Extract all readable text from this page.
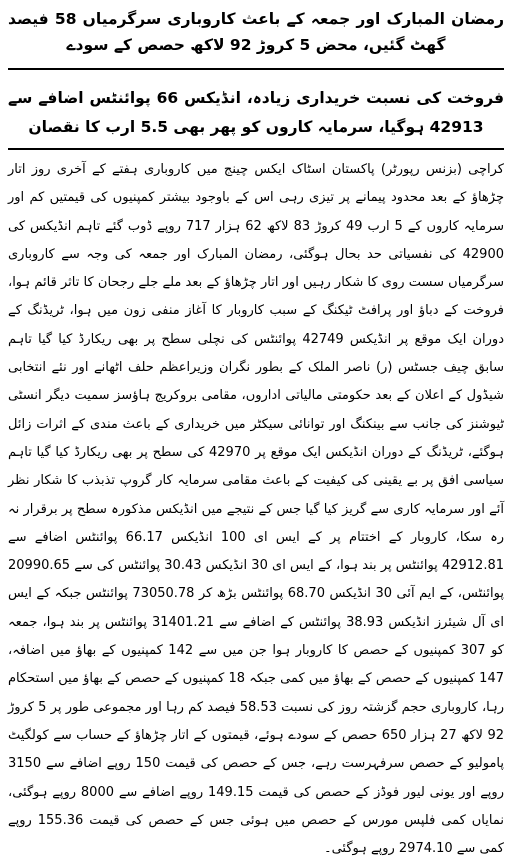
رمضان المبارک اور جمعہ کے باعث کاروباری سرگرمیاں 58 فیصد گھٹ گئیں، محض 5 کروڑ 92 لاکھ حصص کے سودے
فروخت کی نسبت خریداری زیادہ، انڈیکس 66 پوائنٹس اضافے سے 42913 ہوگیا، سرمایہ کاروں کو پھر بھی 5.5 ارب کا نقصان

کراچی (بزنس رپورٹر) پاکستان اسٹاک ایکس چینج میں کاروباری ہفتے کے آخری روز اتار چڑھاؤ کے بعد محدود پیمانے پر تیزی رہی اس کے باوجود بیشتر کمپنیوں کی قیمتیں کم اور سرمایہ کاروں کے 5 ارب 49 کروڑ 83 لاکھ 62 ہزار 717 روپے ڈوب گئے تاہم انڈیکس کی 42900 کی نفسیاتی حد بحال ہوگئی، رمضان المبارک اور جمعہ کی وجہ سے کاروباری سرگرمیاں سست روی کا شکار رہیں اور اتار چڑھاؤ کے بعد ملے جلے رجحان کا تاثر قائم ہوا، فروخت کے دباؤ اور پرافٹ ٹیکنگ کے سبب کاروبار کا آغاز منفی زون میں ہوا، ٹریڈنگ کے دوران ایک موقع پر انڈیکس 42749 پوائنٹس کی نچلی سطح پر بھی ریکارڈ کیا گیا تاہم سابق چیف جسٹس (ر) ناصر الملک کے بطور نگران وزیراعظم حلف اٹھانے اور نئے انتخابی شیڈول کے اعلان کے بعد حکومتی مالیاتی اداروں، مقامی بروکریج ہاؤسز سمیت دیگر انسٹی ٹیوشنز کی جانب سے بینکنگ اور توانائی سیکٹر میں خریداری کے باعث مندی کے اثرات زائل ہوگئے، ٹریڈنگ کے دوران انڈیکس ایک موقع پر 42970 کی سطح پر بھی ریکارڈ کیا گیا تاہم سیاسی افق پر بے یقینی کی کیفیت کے باعث مقامی سرمایہ کار گروپ تذبذب کا شکار نظر آئے اور سرمایہ کاری سے گریز کیا گیا جس کے نتیجے میں انڈیکس مذکورہ سطح پر برقرار نہ رہ سکا، کاروبار کے اختتام پر کے ایس ای 100 انڈیکس 66.17 پوائنٹس اضافے سے 42912.81 پوائنٹس پر بند ہوا، کے ایس ای 30 انڈیکس 30.43 پوائنٹس کی سے 20990.65 پوائنٹس، کے ایم آئی 30 انڈیکس 68.70 پوائنٹس بڑھ کر 73050.78 پوائنٹس جبکہ کے ایس ای آل شیئرز انڈیکس 38.93 پوائنٹس کے اضافے سے 31401.21 پوائنٹس پر بند ہوا، جمعہ کو 307 کمپنیوں کے حصص کا کاروبار ہوا جن میں سے 142 کمپنیوں کے بھاؤ میں اضافہ، 147 کمپنیوں کے حصص کے بھاؤ میں کمی جبکہ 18 کمپنیوں کے حصص کے بھاؤ میں استحکام رہا، کاروباری حجم گزشتہ روز کی نسبت 58.53 فیصد کم رہا اور مجموعی طور پر 5 کروڑ 92 لاکھ 27 ہزار 650 حصص کے سودے ہوئے، قیمتوں کے اتار چڑھاؤ کے حساب سے کولگیٹ پامولیو کے حصص سرفہرست رہے، جس کے حصص کی قیمت 150 روپے اضافے سے 3150 روپے اور یونی لیور فوڈز کے حصص کی قیمت 149.15 روپے اضافے سے 8000 روپے ہوگئی، نمایاں کمی فلپس مورس کے حصص میں ہوئی جس کے حصص کی قیمت 155.36 روپے کمی سے 2974.10 روپے ہوگئی۔
